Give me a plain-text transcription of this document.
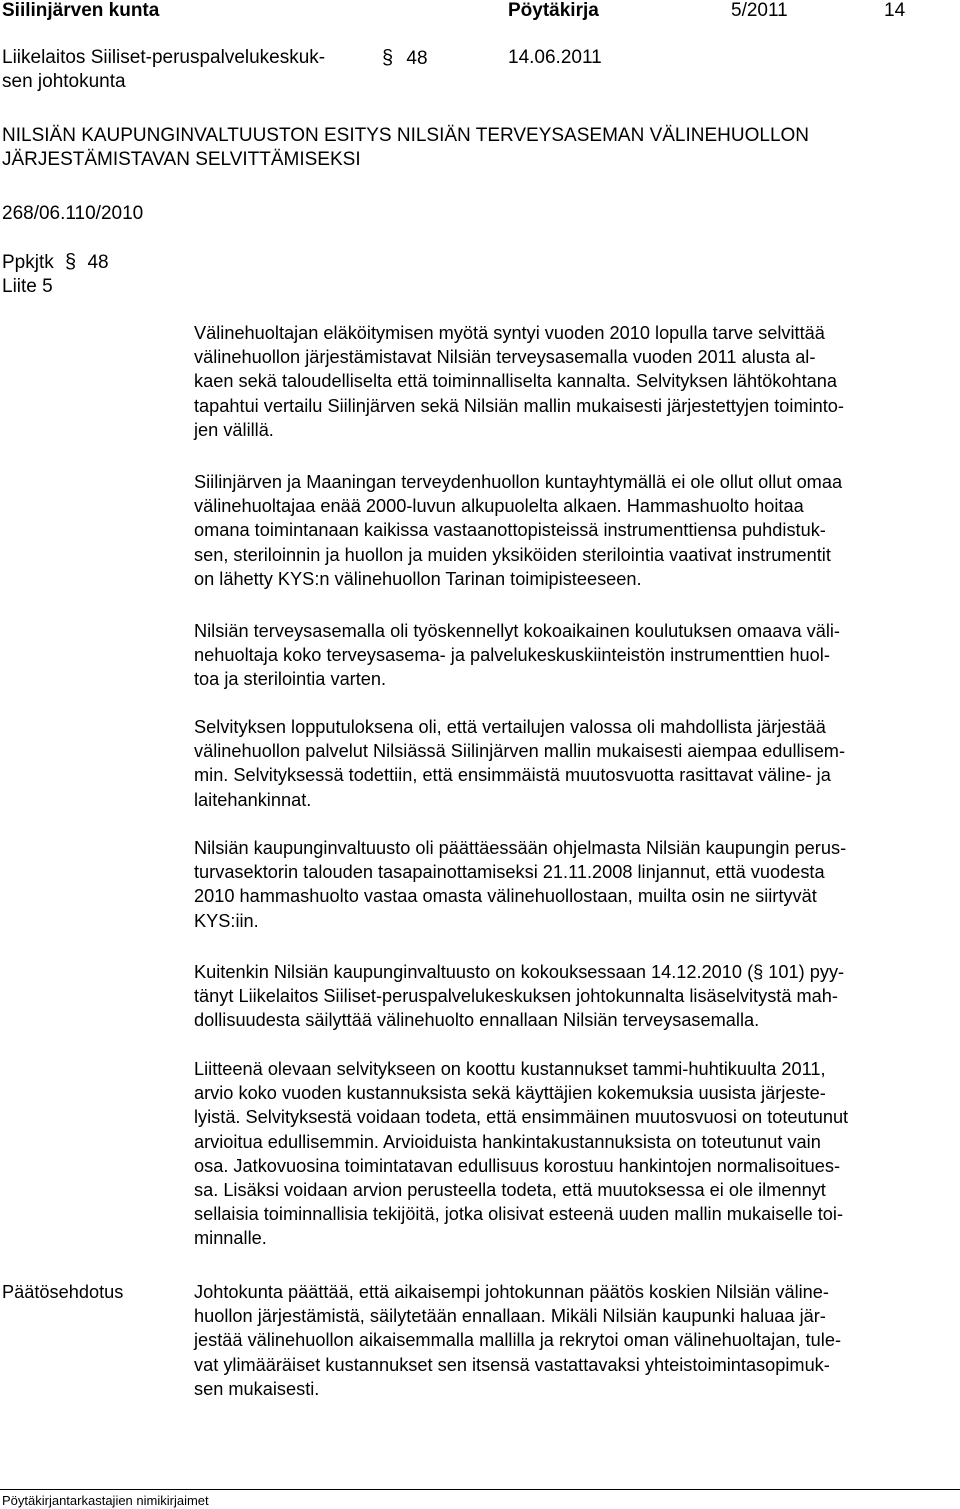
Siilinjärven kunta	Pöytäkirja	5/2011	14
Liikelaitos Siiliset-peruspalvelukeskuk-
sen johtokunta
§ 48	14.06.2011
NILSIÄN KAUPUNGINVALTUUSTON ESITYS NILSIÄN TERVEYSASEMAN VÄLINEHUOLLON
JÄRJESTÄMISTAVAN SELVITTÄMISEKSI
268/06.110/2010
Ppkjtk § 48
Liite 5
Välinehuoltajan eläköitymisen myötä syntyi vuoden 2010 lopulla tarve selvittää
välinehuollon järjestämistavat Nilsiän terveysasemalla vuoden 2011 alusta al-
kaen sekä taloudelliselta että toiminnalliselta kannalta. Selvityksen lähtökohtana
tapahtui vertailu Siilinjärven sekä Nilsiän mallin mukaisesti järjestettyjen toiminto-
jen välillä.
Siilinjärven ja Maaningan terveydenhuollon kuntayhtymällä ei ole ollut ollut omaa
välinehuoltajaa enää 2000-luvun alkupuolelta alkaen. Hammashuolto hoitaa
omana toimintanaan kaikissa vastaanottopisteissä instrumenttiensa puhdistuk-
sen, steriloinnin ja huollon ja muiden yksiköiden sterilointia vaativat instrumentit
on lähetty KYS:n välinehuollon Tarinan toimipisteeseen.
Nilsiän terveysasemalla oli työskennellyt kokoaikainen koulutuksen omaava väli-
nehuoltaja koko terveysasema- ja palvelukeskuskiinteistön instrumenttien huol-
toa ja sterilointia varten.
Selvityksen lopputuloksena oli, että vertailujen valossa oli mahdollista järjestää
välinehuollon palvelut Nilsiässä Siilinjärven mallin mukaisesti aiempaa edullisem-
min. Selvityksessä todettiin, että ensimmäistä muutosvuotta rasittavat väline- ja
laitehankinnat.
Nilsiän kaupunginvaltuusto oli päättäessään ohjelmasta Nilsiän kaupungin perus-
turvasektorin talouden tasapainottamiseksi 21.11.2008 linjannut, että vuodesta
2010 hammashuolto vastaa omasta välinehuollostaan, muilta osin ne siirtyvät
KYS:iin.
Kuitenkin Nilsiän kaupunginvaltuusto on kokouksessaan 14.12.2010 (§ 101) pyy-
tänyt Liikelaitos Siiliset-peruspalvelukeskuksen johtokunnalta lisäselvitystä mah-
dollisuudesta säilyttää välinehuolto ennallaan Nilsiän terveysasemalla.
Liitteenä olevaan selvitykseen on koottu kustannukset tammi-huhtikuulta 2011,
arvio koko vuoden kustannuksista sekä käyttäjien kokemuksia uusista järjeste-
lyistä. Selvityksestä voidaan todeta, että ensimmäinen muutosvuosi on toteutunut
arvioitua edullisemmin. Arvioiduista hankintakustannuksista on toteutunut vain
osa. Jatkovuosina toimintatavan edullisuus korostuu hankintojen normalisoitues-
sa. Lisäksi voidaan arvion perusteella todeta, että muutoksessa ei ole ilmennyt
sellaisia toiminnallisia tekijöitä, jotka olisivat esteenä uuden mallin mukaiselle toi-
minnalle.
Päätösehdotus	Johtokunta päättää, että aikaisempi johtokunnan päätös koskien Nilsiän väline-
huollon järjestämistä, säilytetään ennallaan. Mikäli Nilsiän kaupunki haluaa jär-
jestää välinehuollon aikaisemmalla mallilla ja rekrytoi oman välinehuoltajan, tule-
vat ylimääräiset kustannukset sen itsensä vastattavaksi yhteistoimintasopimuk-
sen mukaisesti.
Pöytäkirjantarkastajien nimikirjaimet
